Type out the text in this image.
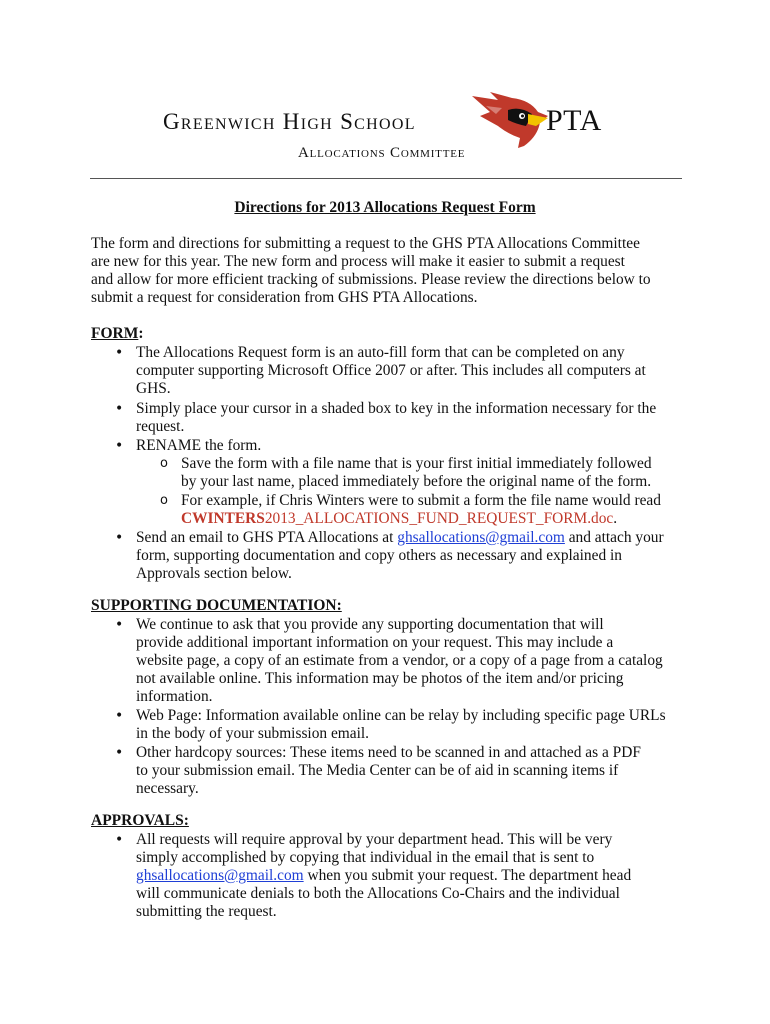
Greenwich High School	PTA
Allocations Committee
Directions for 2013 Allocations Request Form

The form and directions for submitting a request to the GHS PTA Allocations Committee

are new for this year. The new form and process will make it easier to submit a request

and allow for more efficient tracking of submissions. Please review the directions below to

submit a request for consideration from GHS PTA Allocations.

FORM:
• The Allocations Request form is an auto-fill form that can be completed on any

computer supporting Microsoft Office 2007 or after. This includes all computers at

GHS.

• Simply place your cursor in a shaded box to key in the information necessary for the

request.

• RENAME the form.

o Save the form with a file name that is your first initial immediately followed

by your last name, placed immediately before the original name of the form.

o For example, if Chris Winters were to submit a form the file name would read

CWINTERS2013_ALLOCATIONS_FUND_REQUEST_FORM.doc.

• Send an email to GHS PTA Allocations at ghsallocations@gmail.com and attach your

form, supporting documentation and copy others as necessary and explained in

Approvals section below.

SUPPORTING DOCUMENTATION:
• We continue to ask that you provide any supporting documentation that will

provide additional important information on your request. This may include a

website page, a copy of an estimate from a vendor, or a copy of a page from a catalog

not available online. This information may be photos of the item and/or pricing

information.

• Web Page: Information available online can be relay by including specific page URLs

in the body of your submission email.

• Other hardcopy sources: These items need to be scanned in and attached as a PDF

to your submission email. The Media Center can be of aid in scanning items if

necessary.

APPROVALS:
• All requests will require approval by your department head. This will be very

simply accomplished by copying that individual in the email that is sent to

ghsallocations@gmail.com when you submit your request. The department head

will communicate denials to both the Allocations Co-Chairs and the individual

submitting the request.
